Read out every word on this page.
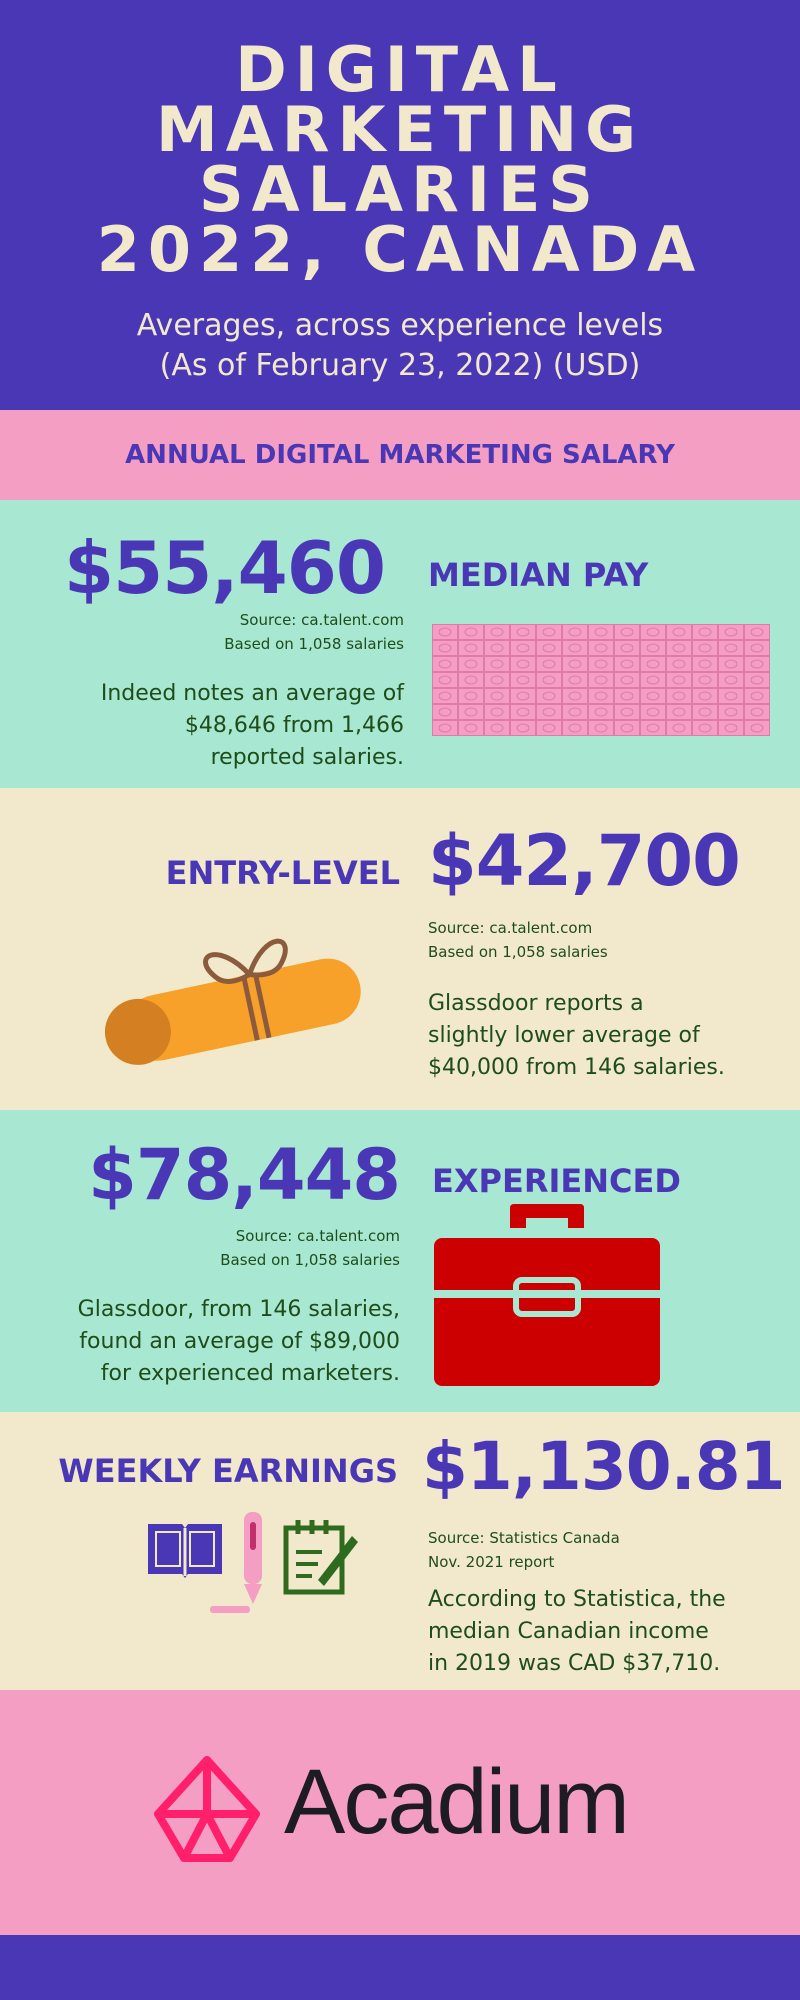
DIGITAL
MARKETING
SALARIES
2022, CANADA
Averages, across experience levels
(As of February 23, 2022) (USD)
ANNUAL DIGITAL MARKETING SALARY
$55,460 MEDIAN PAY
Source: ca.talent.com
Based on 1,058 salaries
Indeed notes an average of
$48,646 from 1,466
reported salaries.
ENTRY-LEVEL $42,700
Source: ca.talent.com
Based on 1,058 salaries
Glassdoor reports a
slightly lower average of
$40,000 from 146 salaries.
$78,448 EXPERIENCED
Source: ca.talent.com
Based on 1,058 salaries
Glassdoor, from 146 salaries,
found an average of $89,000
for experienced marketers.
WEEKLY EARNINGS $1,130.81
Source: Statistics Canada
Nov. 2021 report
According to Statistica, the
median Canadian income
in 2019 was CAD $37,710.
Acadium
